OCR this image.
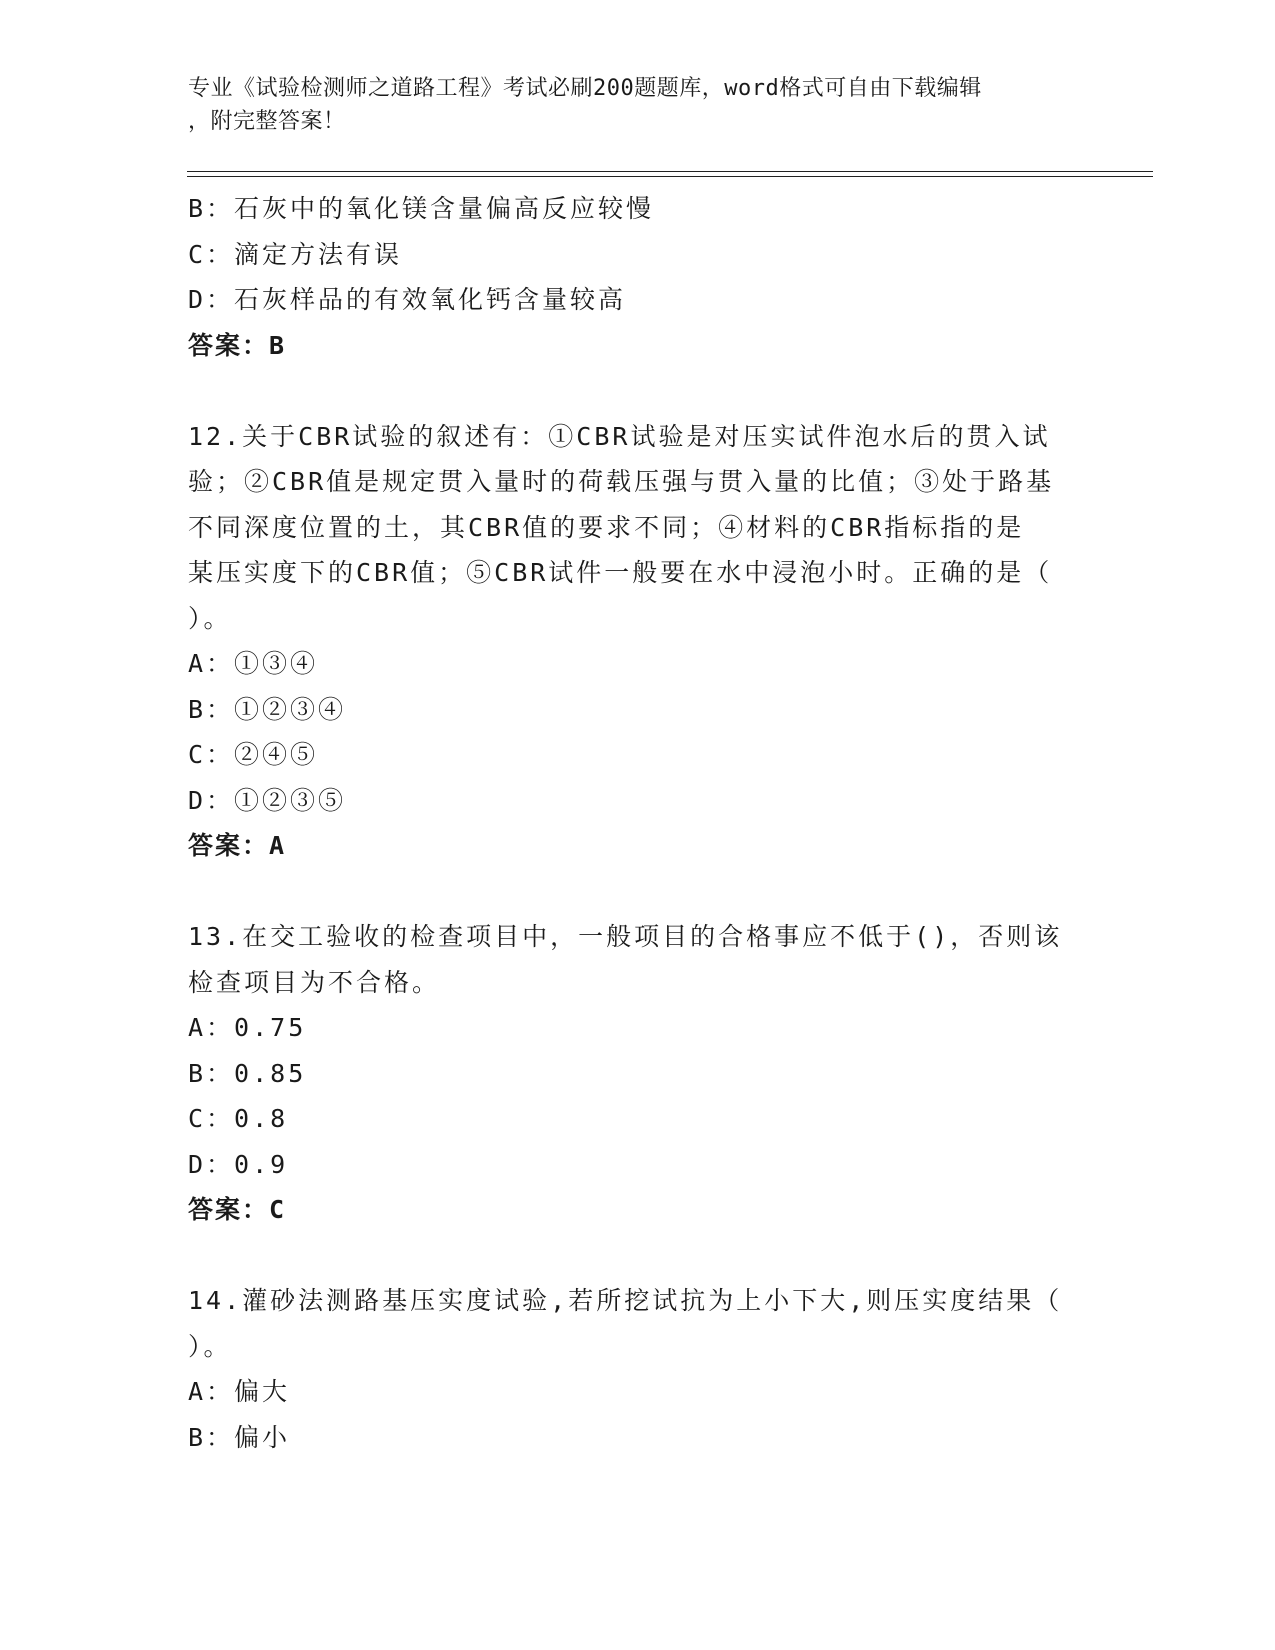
专业《试验检测师之道路工程》考试必刷200题题库，word格式可自由下载编辑
，附完整答案！
B：石灰中的氧化镁含量偏高反应较慢
C：滴定方法有误
D：石灰样品的有效氧化钙含量较高
答案：B
12.关于CBR试验的叙述有：①CBR试验是对压实试件泡水后的贯入试
验；②CBR值是规定贯入量时的荷载压强与贯入量的比值；③处于路基
不同深度位置的土，其CBR值的要求不同；④材料的CBR指标指的是
某压实度下的CBR值；⑤CBR试件一般要在水中浸泡小时。正确的是（
）。
A：①③④
B：①②③④
C：②④⑤
D：①②③⑤
答案：A
13.在交工验收的检查项目中，一般项目的合格事应不低于()，否则该
检查项目为不合格。
A：0.75
B：0.85
C：0.8
D：0.9
答案：C
14.灌砂法测路基压实度试验,若所挖试抗为上小下大,则压实度结果（
）。
A：偏大
B：偏小
